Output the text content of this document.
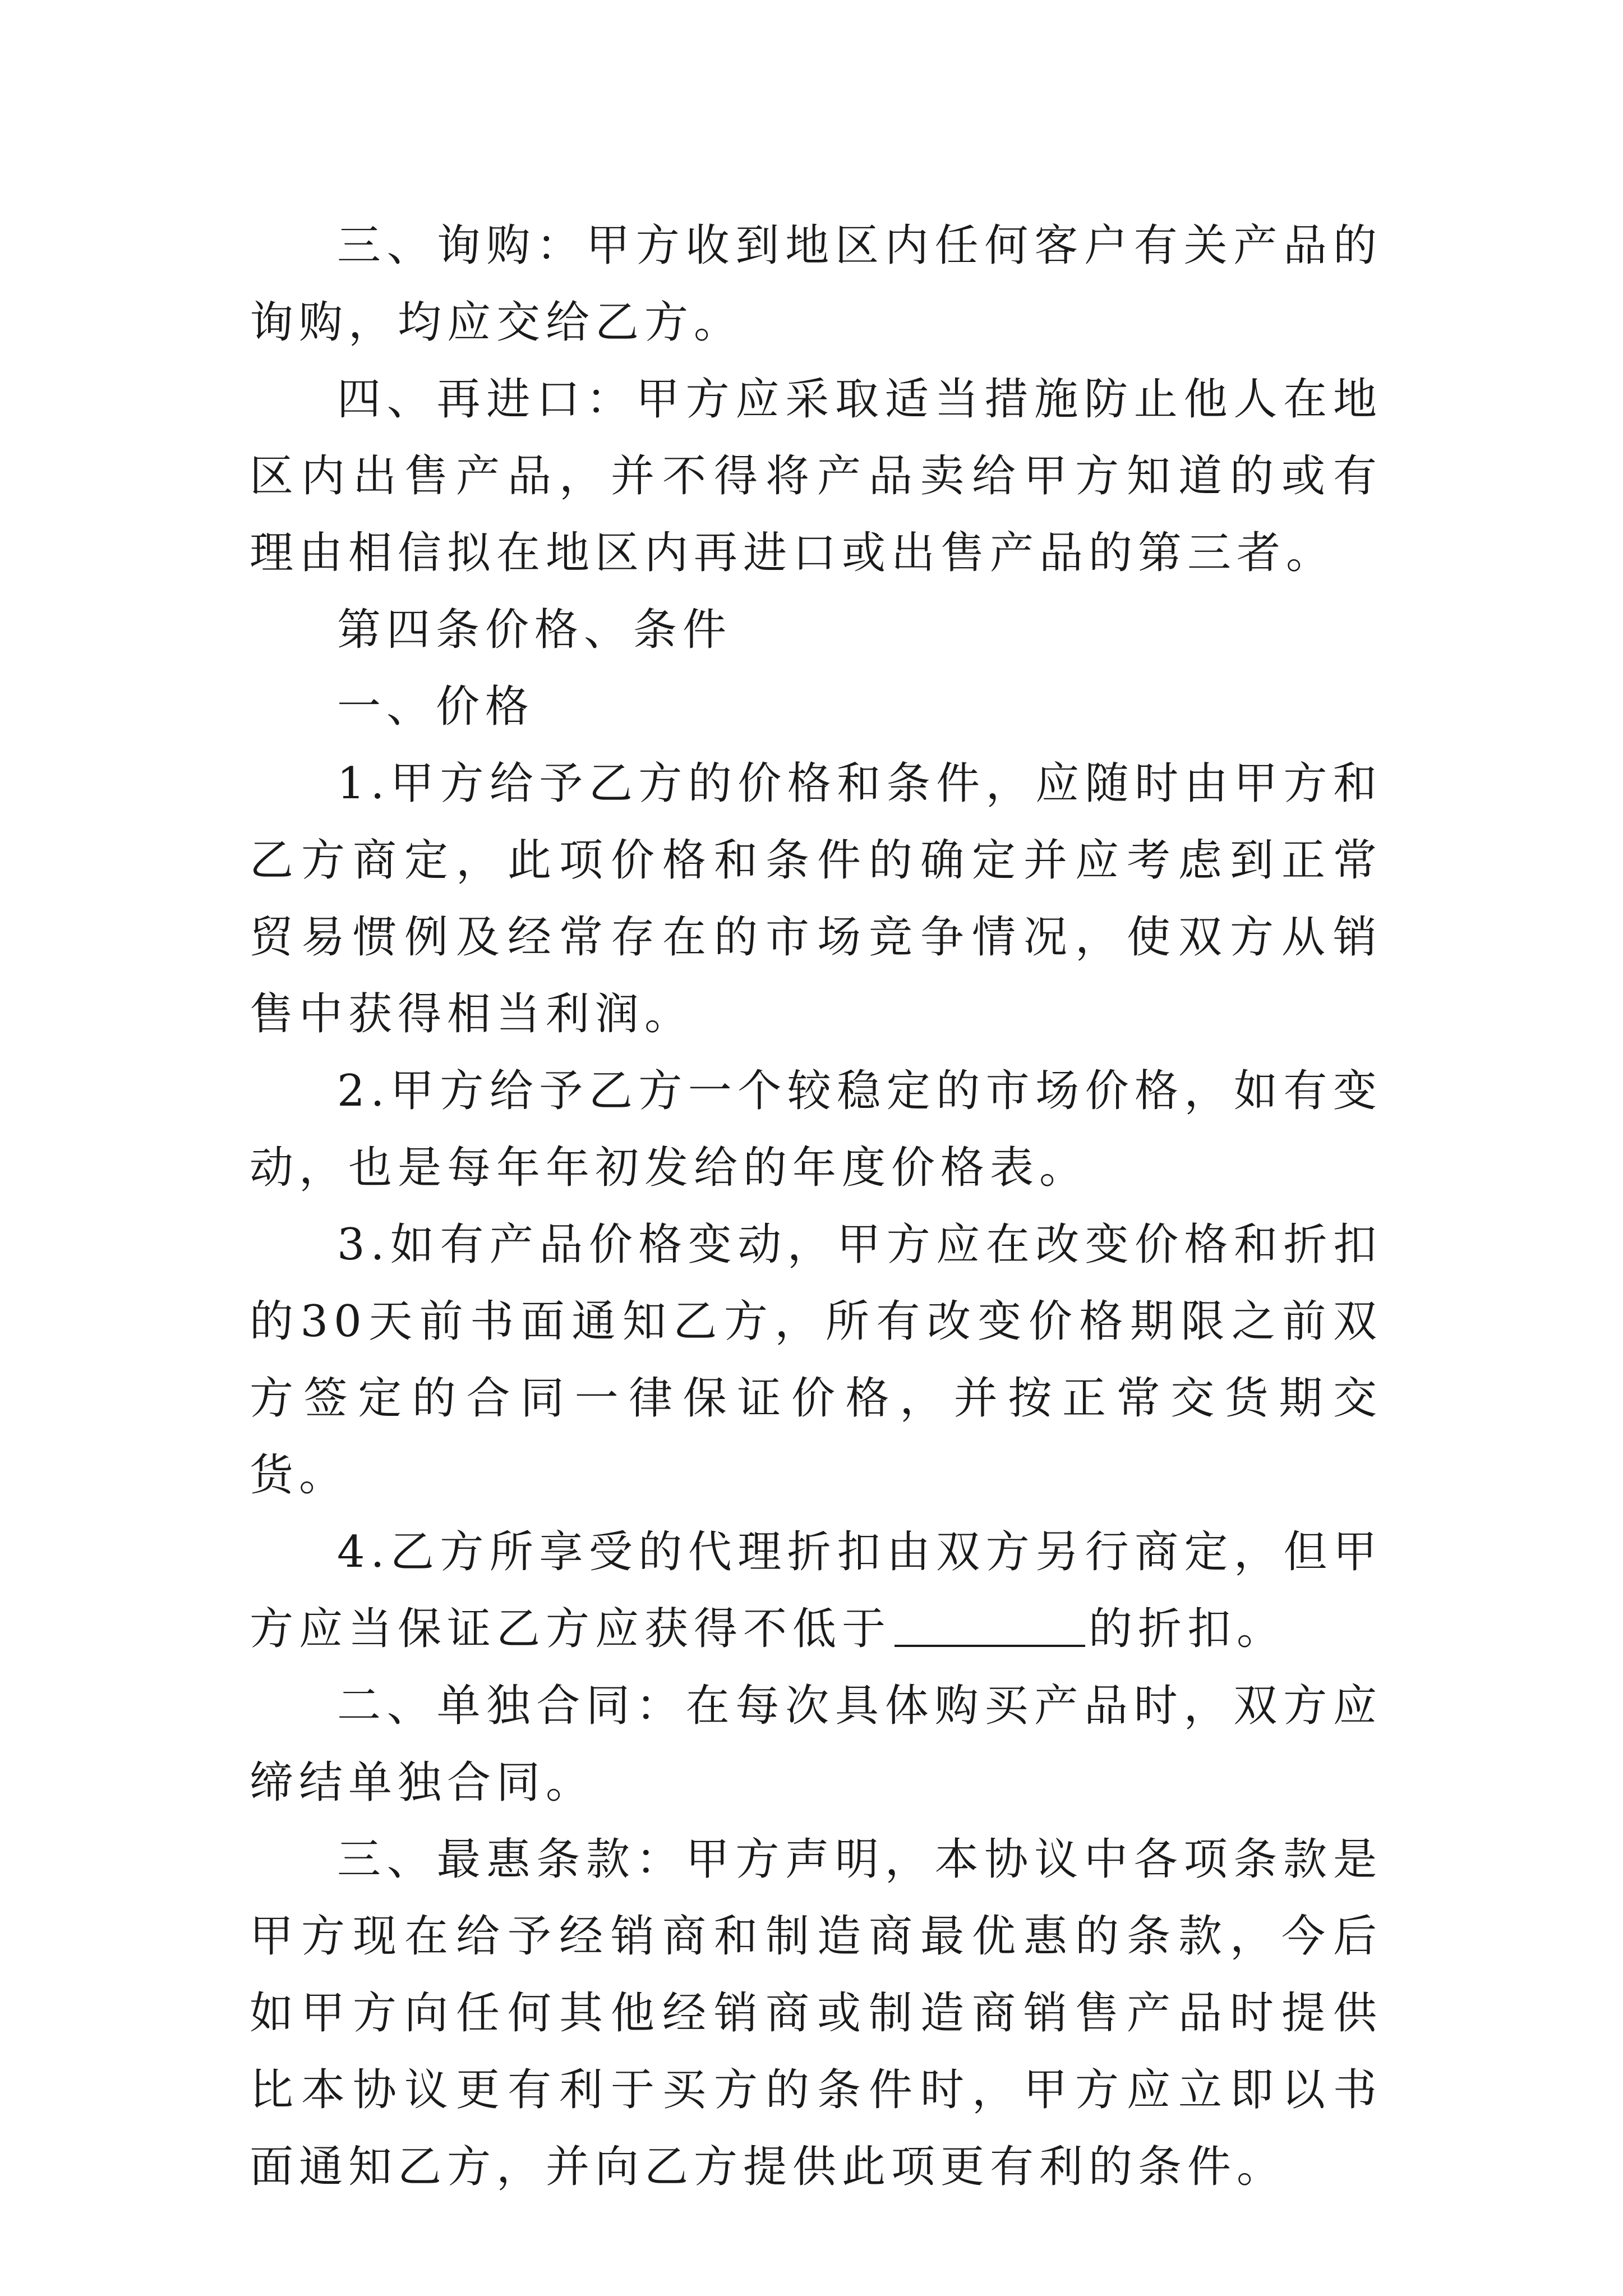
三、询购：甲方收到地区内任何客户有关产品的询购，均应交给乙方。

四、再进口：甲方应采取适当措施防止他人在地区内出售产品，并不得将产品卖给甲方知道的或有理由相信拟在地区内再进口或出售产品的第三者。

第四条价格、条件

一、价格

1.甲方给予乙方的价格和条件，应随时由甲方和乙方商定，此项价格和条件的确定并应考虑到正常贸易惯例及经常存在的市场竞争情况，使双方从销售中获得相当利润。

2.甲方给予乙方一个较稳定的市场价格，如有变动，也是每年年初发给的年度价格表。

3.如有产品价格变动，甲方应在改变价格和折扣的30天前书面通知乙方，所有改变价格期限之前双方签定的合同一律保证价格，并按正常交货期交货。

4.乙方所享受的代理折扣由双方另行商定，但甲方应当保证乙方应获得不低于	的折扣。

二、单独合同：在每次具体购买产品时，双方应缔结单独合同。

三、最惠条款：甲方声明，本协议中各项条款是甲方现在给予经销商和制造商最优惠的条款，今后如甲方向任何其他经销商或制造商销售产品时提供比本协议更有利于买方的条件时，甲方应立即以书面通知乙方，并向乙方提供此项更有利的条件。
